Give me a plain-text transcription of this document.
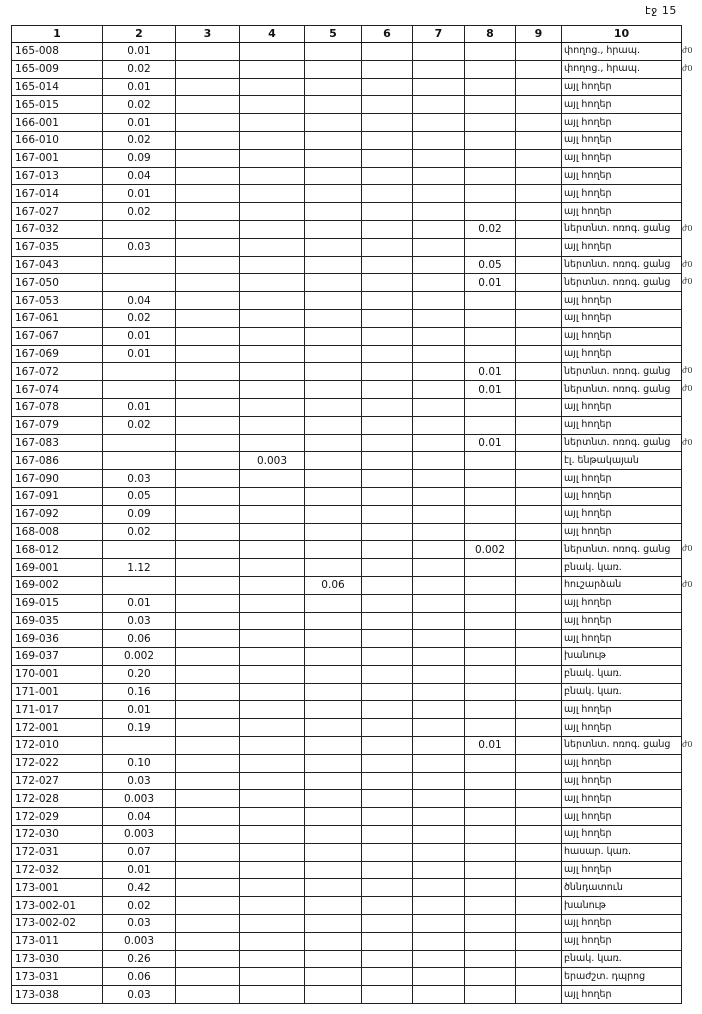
էջ 15
1	2	3	4	5	6	7	8	9	10
165-008	0.01								փողոց., հրապ.
165-009	0.02								փողոց., հրապ.
165-014	0.01								այլ հողեր
165-015	0.02								այլ հողեր
166-001	0.01								այլ հողեր
166-010	0.02								այլ հողեր
167-001	0.09								այլ հողեր
167-013	0.04								այլ հողեր
167-014	0.01								այլ հողեր
167-027	0.02								այլ հողեր
167-032							0.02		ներտնտ. ոռոգ. ցանց
167-035	0.03								այլ հողեր
167-043							0.05		ներտնտ. ոռոգ. ցանց
167-050							0.01		ներտնտ. ոռոգ. ցանց
167-053	0.04								այլ հողեր
167-061	0.02								այլ հողեր
167-067	0.01								այլ հողեր
167-069	0.01								այլ հողեր
167-072							0.01		ներտնտ. ոռոգ. ցանց
167-074							0.01		ներտնտ. ոռոգ. ցանց
167-078	0.01								այլ հողեր
167-079	0.02								այլ հողեր
167-083							0.01		ներտնտ. ոռոգ. ցանց
167-086			0.003						էլ. ենթակայան
167-090	0.03								այլ հողեր
167-091	0.05								այլ հողեր
167-092	0.09								այլ հողեր
168-008	0.02								այլ հողեր
168-012							0.002		ներտնտ. ոռոգ. ցանց
169-001	1.12								բնակ. կառ.
169-002				0.06					հուշարձան
169-015	0.01								այլ հողեր
169-035	0.03								այլ հողեր
169-036	0.06								այլ հողեր
169-037	0.002								խանութ
170-001	0.20								բնակ. կառ.
171-001	0.16								բնակ. կառ.
171-017	0.01								այլ հողեր
172-001	0.19								այլ հողեր
172-010							0.01		ներտնտ. ոռոգ. ցանց
172-022	0.10								այլ հողեր
172-027	0.03								այլ հողեր
172-028	0.003								այլ հողեր
172-029	0.04								այլ հողեր
172-030	0.003								այլ հողեր
172-031	0.07								հասար. կառ.
172-032	0.01								այլ հողեր
173-001	0.42								ծննդատուն
173-002-01	0.02								խանութ
173-002-02	0.03								այլ հողեր
173-011	0.003								այլ հողեր
173-030	0.26								բնակ. կառ.
173-031	0.06								երաժշտ. դպրոց
173-038	0.03								այլ հողեր
ժ0
ժ0
ժ0
ժ0
ժ0
ժ0
ժ0
ժ0
ժ0
ժ0
ժ0
